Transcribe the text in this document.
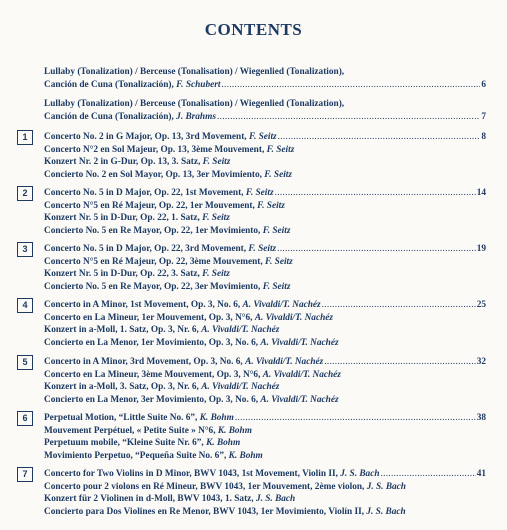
CONTENTS
Lullaby (Tonalization) / Berceuse (Tonalisation) / Wiegenlied (Tonalization),
Canción de Cuna (Tonalización), F. Schubert .....	6
Lullaby (Tonalization) / Berceuse (Tonalisation) / Wiegenlied (Tonalization),
Canción de Cuna (Tonalización), J. Brahms .....	7
1	Concerto No. 2 in G Major, Op. 13, 3rd Movement, F. Seitz .....	8
Concerto N°2 en Sol Majeur, Op. 13, 3ème Mouvement, F. Seitz
Konzert Nr. 2 in G-Dur, Op. 13, 3. Satz, F. Seitz
Concierto No. 2 en Sol Mayor, Op. 13, 3er Movimiento, F. Seitz
2	Concerto No. 5 in D Major, Op. 22, 1st Movement, F. Seitz .....	14
Concerto N°5 en Ré Majeur, Op. 22, 1er Mouvement, F. Seitz
Konzert Nr. 5 in D-Dur, Op. 22, 1. Satz, F. Seitz
Concierto No. 5 en Re Mayor, Op. 22, 1er Movimiento, F. Seitz
3	Concerto No. 5 in D Major, Op. 22, 3rd Movement, F. Seitz .....	19
Concerto N°5 en Ré Majeur, Op. 22, 3ème Mouvement, F. Seitz
Konzert Nr. 5 in D-Dur, Op. 22, 3. Satz, F. Seitz
Concierto No. 5 en Re Mayor, Op. 22, 3er Movimiento, F. Seitz
4	Concerto in A Minor, 1st Movement, Op. 3, No. 6, A. Vivaldi/T. Nachéz .....	25
Concerto en La Mineur, 1er Mouvement, Op. 3, N°6, A. Vivaldi/T. Nachéz
Konzert in a-Moll, 1. Satz, Op. 3, Nr. 6, A. Vivaldi/T. Nachéz
Concierto en La Menor, 1er Movimiento, Op. 3, No. 6, A. Vivaldi/T. Nachéz
5	Concerto in A Minor, 3rd Movement, Op. 3, No. 6, A. Vivaldi/T. Nachéz .....	32
Concerto en La Mineur, 3ème Mouvement, Op. 3, N°6, A. Vivaldi/T. Nachéz
Konzert in a-Moll, 3. Satz, Op. 3, Nr. 6, A. Vivaldi/T. Nachéz
Concierto en La Menor, 3er Movimiento, Op. 3, No. 6, A. Vivaldi/T. Nachéz
6	Perpetual Motion, “Little Suite No. 6”, K. Bohm .....	38
Mouvement Perpétuel, « Petite Suite » N°6, K. Bohm
Perpetuum mobile, “Kleine Suite Nr. 6”, K. Bohm
Movimiento Perpetuo, “Pequeña Suite No. 6”, K. Bohm
7	Concerto for Two Violins in D Minor, BWV 1043, 1st Movement, Violin II, J. S. Bach .....	41
Concerto pour 2 violons en Ré Mineur, BWV 1043, 1er Mouvement, 2ème violon, J. S. Bach
Konzert für 2 Violinen in d-Moll, BWV 1043, 1. Satz, J. S. Bach
Concierto para Dos Violines en Re Menor, BWV 1043, 1er Movimiento, Violín II, J. S. Bach
